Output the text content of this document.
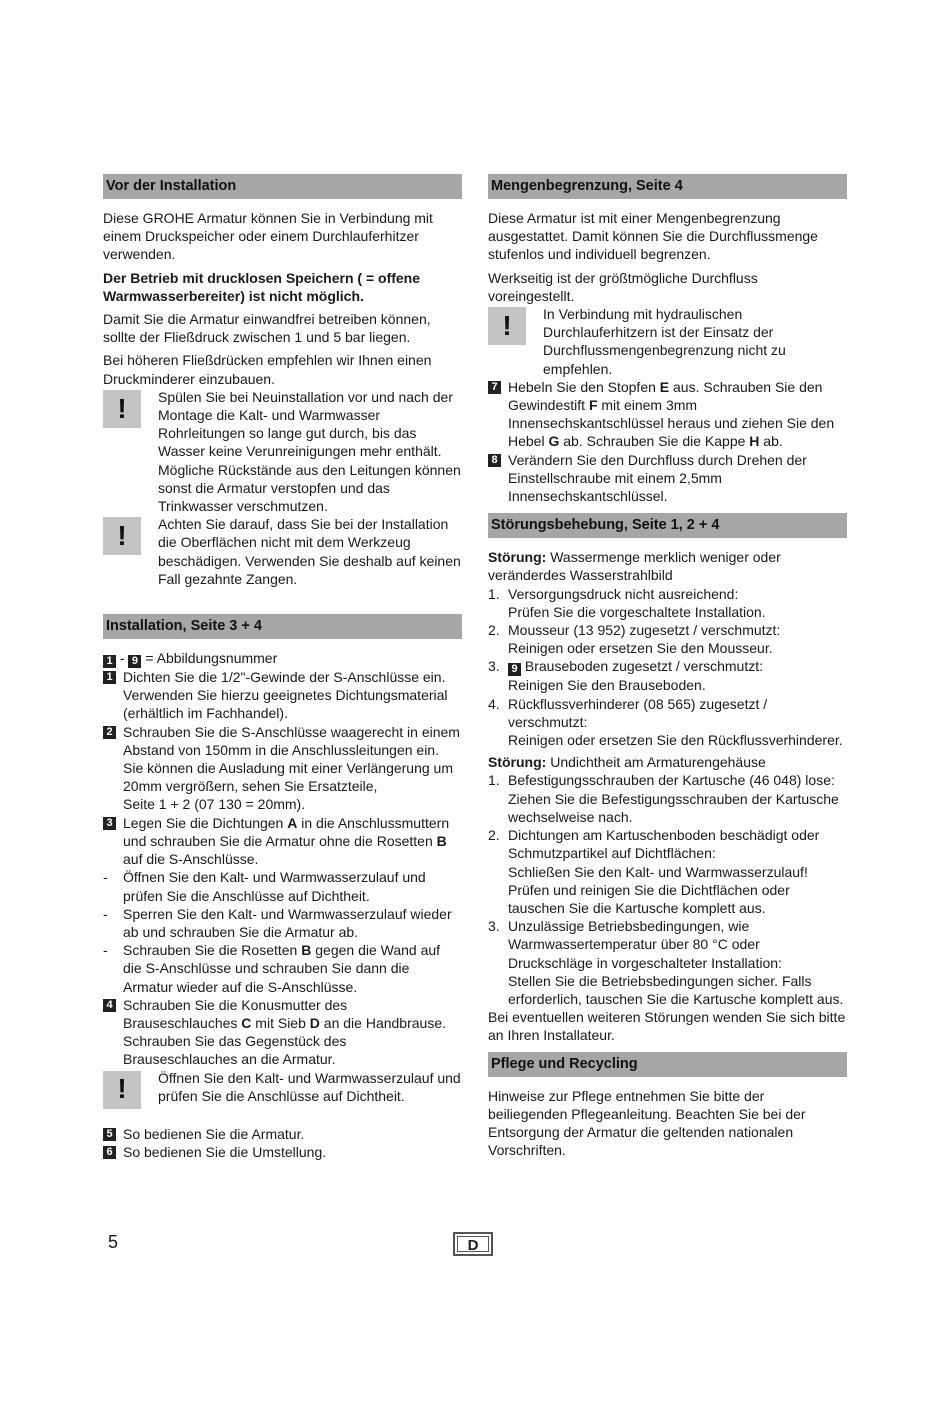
Vor der Installation

Diese GROHE Armatur können Sie in Verbindung mit einem Druckspeicher oder einem Durchlauferhitzer verwenden.

Der Betrieb mit drucklosen Speichern ( = offene Warmwasserbereiter) ist nicht möglich.

Damit Sie die Armatur einwandfrei betreiben können, sollte der Fließdruck zwischen 1 und 5 bar liegen.

Bei höheren Fließdrücken empfehlen wir Ihnen einen Druckminderer einzubauen.

! Spülen Sie bei Neuinstallation vor und nach der Montage die Kalt- und Warmwasser Rohrleitungen so lange gut durch, bis das Wasser keine Verunreinigungen mehr enthält. Mögliche Rückstände aus den Leitungen können sonst die Armatur verstopfen und das Trinkwasser verschmutzen.
! Achten Sie darauf, dass Sie bei der Installation die Oberflächen nicht mit dem Werkzeug beschädigen. Verwenden Sie deshalb auf keinen Fall gezahnte Zangen.
Installation, Seite 3 + 4
1 - 9 = Abbildungsnummer
1 Dichten Sie die 1/2"-Gewinde der S-Anschlüsse ein. Verwenden Sie hierzu geeignetes Dichtungsmaterial (erhältlich im Fachhandel).
2 Schrauben Sie die S-Anschlüsse waagerecht in einem Abstand von 150mm in die Anschlussleitungen ein. Sie können die Ausladung mit einer Verlängerung um 20mm vergrößern, sehen Sie Ersatzteile,
Seite 1 + 2 (07 130 = 20mm).
3 Legen Sie die Dichtungen A in die Anschlussmuttern und schrauben Sie die Armatur ohne die Rosetten B auf die S-Anschlüsse.
- Öffnen Sie den Kalt- und Warmwasserzulauf und prüfen Sie die Anschlüsse auf Dichtheit.
- Sperren Sie den Kalt- und Warmwasserzulauf wieder ab und schrauben Sie die Armatur ab.
- Schrauben Sie die Rosetten B gegen die Wand auf die S-Anschlüsse und schrauben Sie dann die Armatur wieder auf die S-Anschlüsse.
4 Schrauben Sie die Konusmutter des Brauseschlauches C mit Sieb D an die Handbrause. Schrauben Sie das Gegenstück des Brauseschlauches an die Armatur.
! Öffnen Sie den Kalt- und Warmwasserzulauf und prüfen Sie die Anschlüsse auf Dichtheit.
5 So bedienen Sie die Armatur.
6 So bedienen Sie die Umstellung.
Mengenbegrenzung, Seite 4

Diese Armatur ist mit einer Mengenbegrenzung ausgestattet. Damit können Sie die Durchflussmenge stufenlos und individuell begrenzen.

Werkseitig ist der größtmögliche Durchfluss voreingestellt.

! In Verbindung mit hydraulischen Durchlauferhitzern ist der Einsatz der Durchflussmengenbegrenzung nicht zu empfehlen.
7 Hebeln Sie den Stopfen E aus. Schrauben Sie den Gewindestift F mit einem 3mm Innensechskantschlüssel heraus und ziehen Sie den Hebel G ab. Schrauben Sie die Kappe H ab.
8 Verändern Sie den Durchfluss durch Drehen der Einstellschraube mit einem 2,5mm Innensechskantschlüssel.
Störungsbehebung, Seite 1, 2 + 4

Störung: Wassermenge merklich weniger oder veränderdes Wasserstrahlbild

1. Versorgungsdruck nicht ausreichend:
Prüfen Sie die vorgeschaltete Installation.
2. Mousseur (13 952) zugesetzt / verschmutzt:
Reinigen oder ersetzen Sie den Mousseur.
3.	9 Brauseboden zugesetzt / verschmutzt:
Reinigen Sie den Brauseboden.
4. Rückflussverhinderer (08 565) zugesetzt / verschmutzt:
Reinigen oder ersetzen Sie den Rückflussverhinderer.

Störung: Undichtheit am Armaturengehäuse

1. Befestigungsschrauben der Kartusche (46 048) lose:
Ziehen Sie die Befestigungsschrauben der Kartusche wechselweise nach.
2. Dichtungen am Kartuschenboden beschädigt oder Schmutzpartikel auf Dichtflächen:
Schließen Sie den Kalt- und Warmwasserzulauf! Prüfen und reinigen Sie die Dichtflächen oder tauschen Sie die Kartusche komplett aus.
3. Unzulässige Betriebsbedingungen, wie Warmwassertemperatur über 80 °C oder Druckschläge in vorgeschalteter Installation:
Stellen Sie die Betriebsbedingungen sicher. Falls erforderlich, tauschen Sie die Kartusche komplett aus.

Bei eventuellen weiteren Störungen wenden Sie sich bitte an Ihren Installateur.

Pflege und Recycling

Hinweise zur Pflege entnehmen Sie bitte der beiliegenden Pflegeanleitung. Beachten Sie bei der Entsorgung der Armatur die geltenden nationalen Vorschriften.

5	D
